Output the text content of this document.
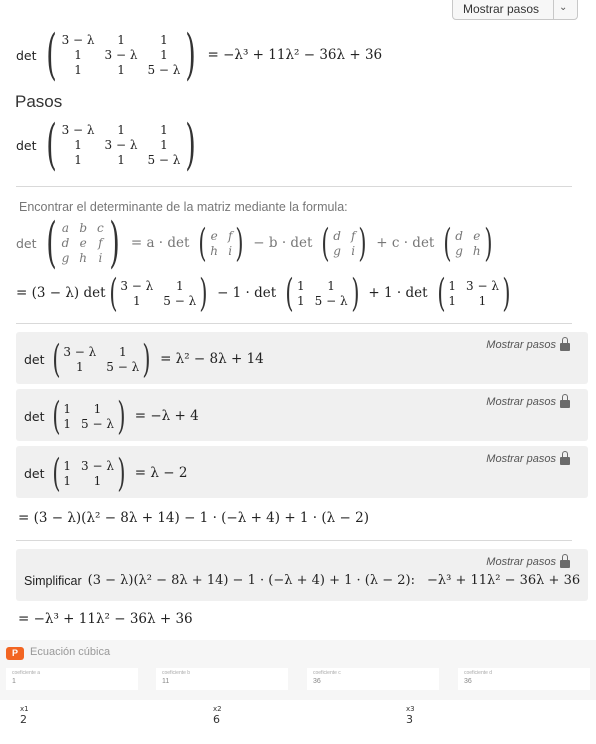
Mostrar pasos ⌄
det ( 3 − λ	1	1
1	3 − λ	1
1	1	5 − λ ) = −λ³ + 11λ² − 36λ + 36
Pasos
det ( 3 − λ	1	1
1	3 − λ	1
1	1	5 − λ )
Encontrar el determinante de la matriz mediante la formula:
det ( a b c
d e f
g h i ) = a · det ( e f
h i ) − b · det ( d f
g i ) + c · det ( d e
g h )
= (3 − λ) det ( 3 − λ	1
1	5 − λ ) − 1 · det ( 1	1
1 5 − λ ) + 1 · det ( 1 3 − λ
1	1 )
Mostrar pasos
det ( 3 − λ	1
1	5 − λ ) = λ² − 8λ + 14
Mostrar pasos
det ( 1	1
1 5 − λ ) = −λ + 4
Mostrar pasos
det ( 1 3 − λ
1	1 ) = λ − 2
= (3 − λ)(λ² − 8λ + 14) − 1 · (−λ + 4) + 1 · (λ − 2)
Mostrar pasos
Simplificar (3 − λ)(λ² − 8λ + 14) − 1 · (−λ + 4) + 1 · (λ − 2): −λ³ + 11λ² − 36λ + 36
= −λ³ + 11λ² − 36λ + 36
P	Ecuación cúbica
coeficiente a
1
coeficiente b
11
coeficiente c
36
coeficiente d
36
x1
2
x2
6
x3
3
